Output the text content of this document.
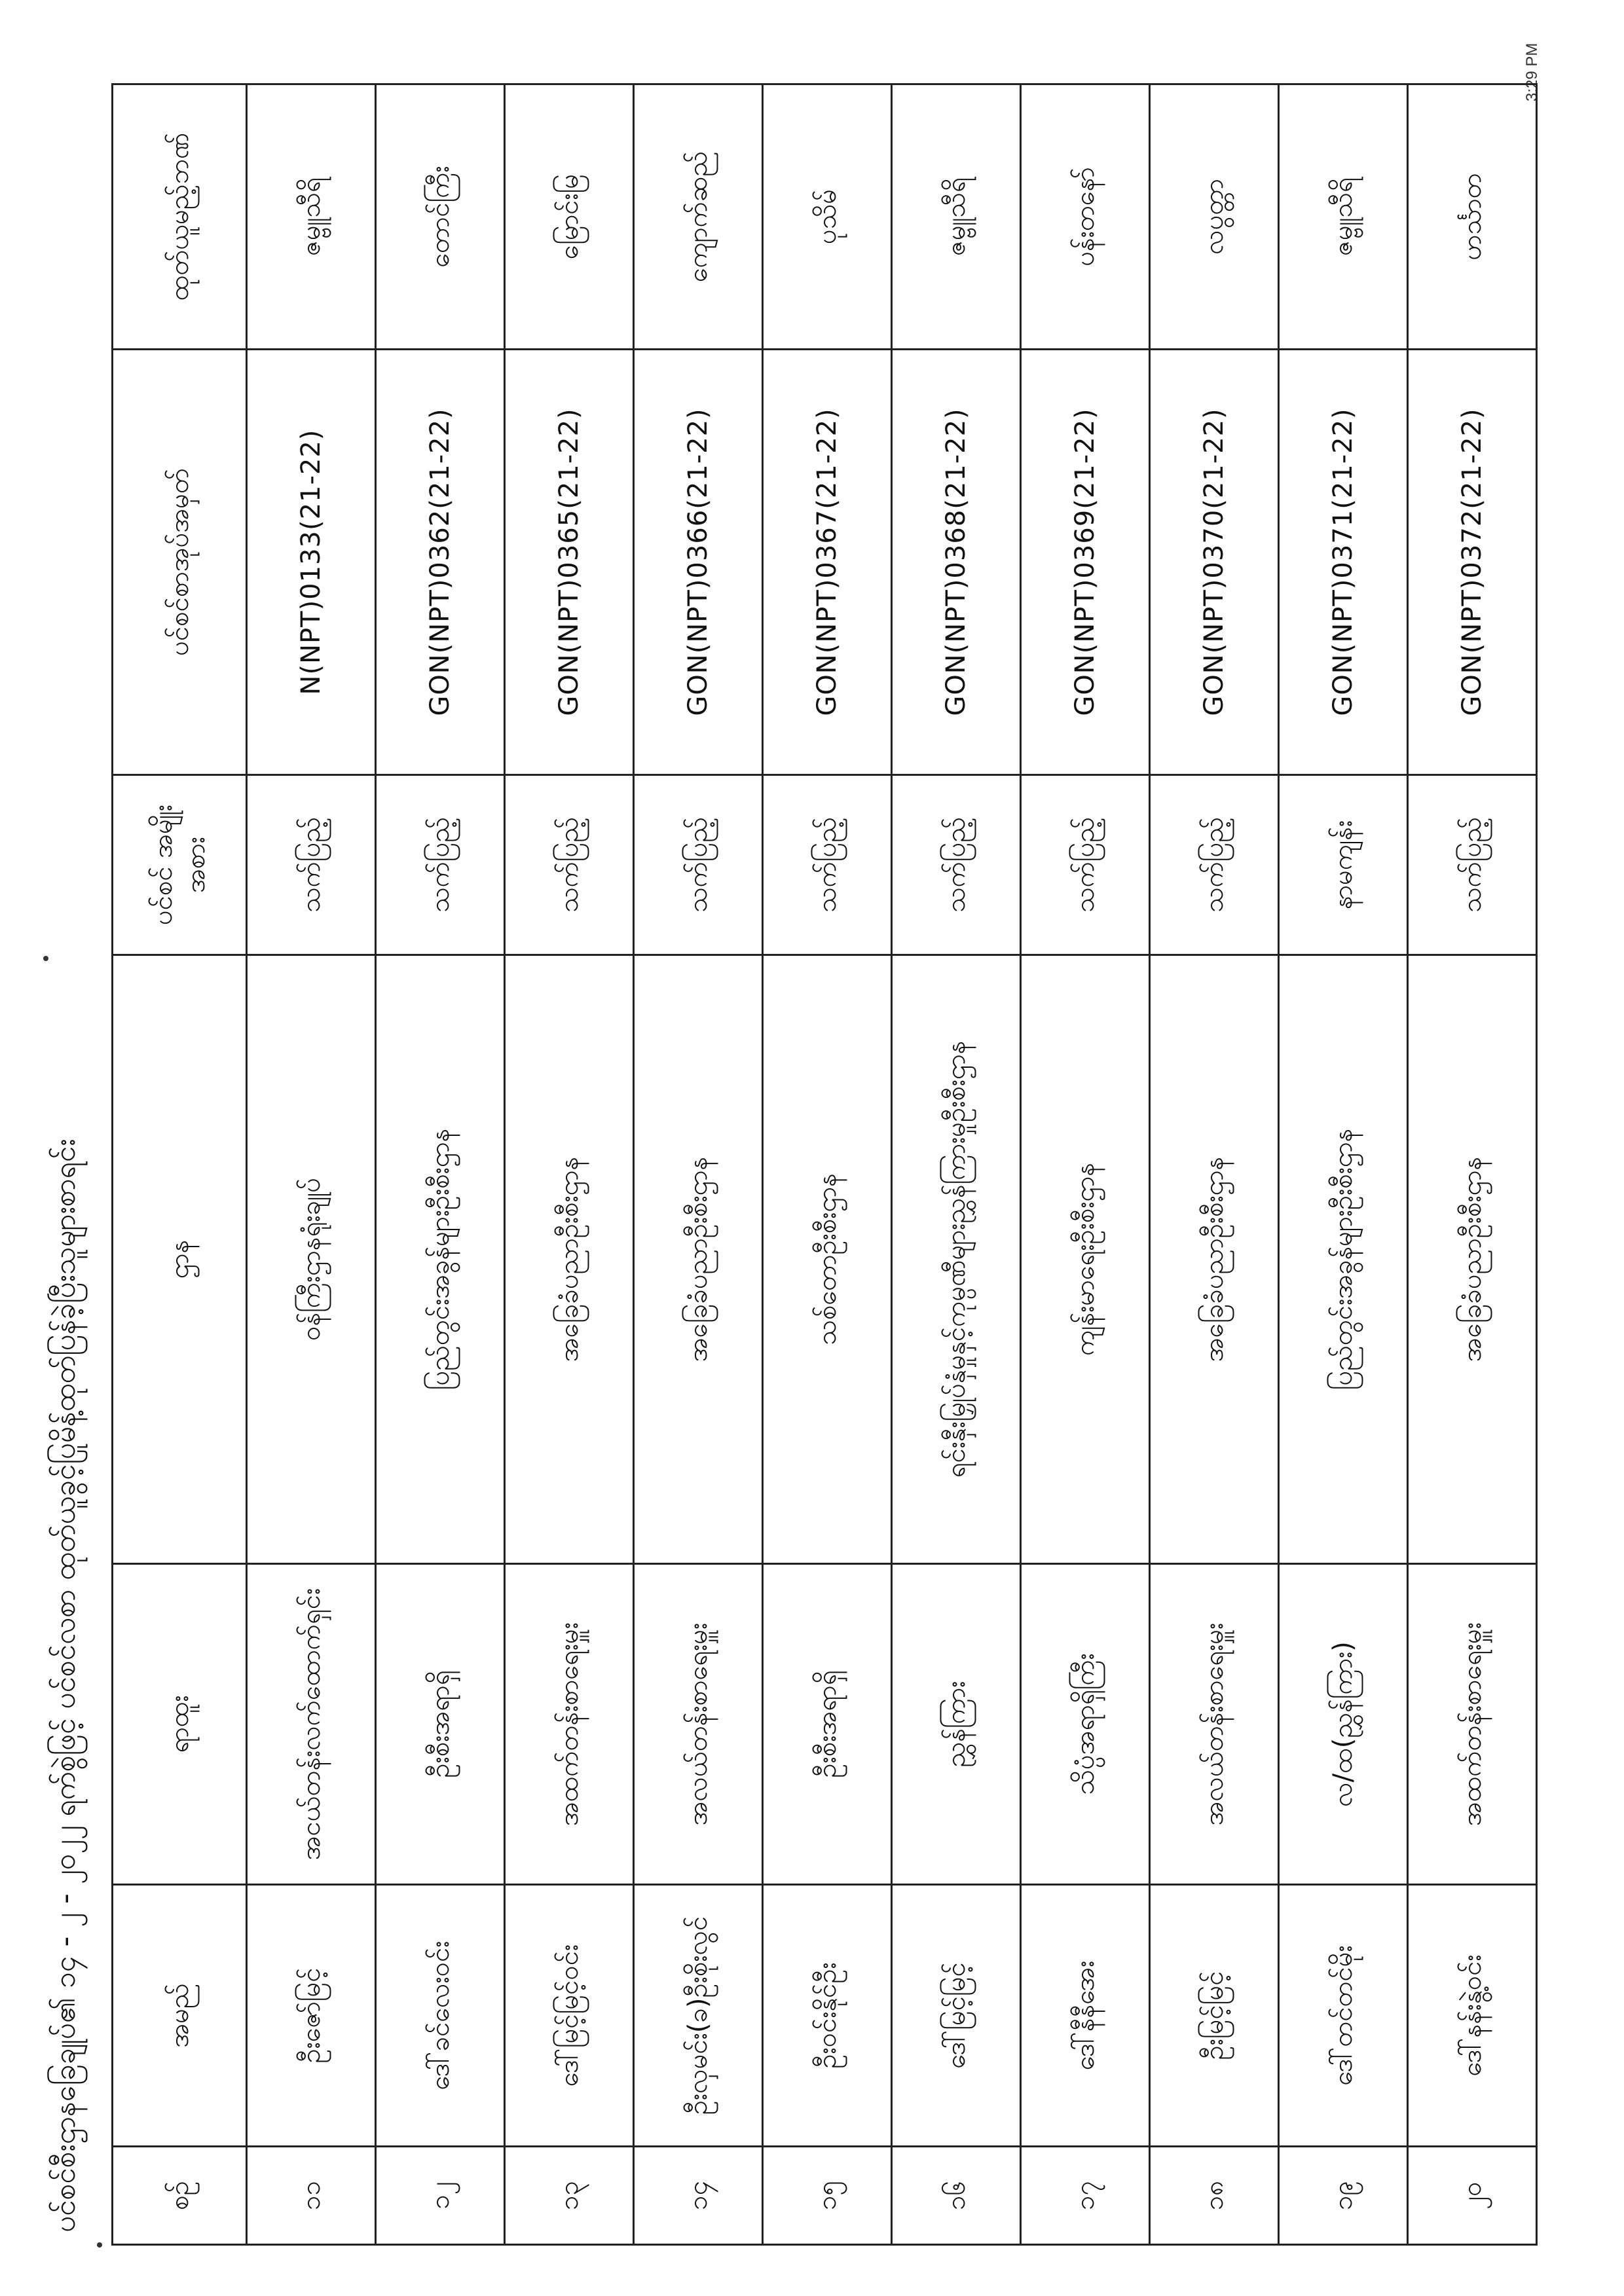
3:29 PM
ပင်စင်စီးဌာနခြေချုပ်၏ ၁၄ - ၂ - ၂၀၂၂ ရက်စွဲဖြင့် ပင်စင်လစာ ထုတ်ယူခွင့်ပြုမိန့်ထုတ်ပြန်ခဲ့ပြီးသူများစာရင်း	စဉ်	အမည်	ရာထူး	ဌာန	ပင်စင် အမျိုးအစား	ပင်စင်စာအုပ်အမှတ်	ထုတ်ယူမည့်ဘဏ်
၁၁	ဦးဇော်မြင့်	အငယ်တန်းလက်ထောက်ရှင်း	ဝန်ကြီးဌာနရုံးချုပ်	သက်ပြည့်	N(NPT)0133(21-22)	ဇမ္ဗူသီရိ
၁၂	ဒေါ်ခင်လေးဝင်း	ဦးစီးအရာရှိ	ပြည်တွင်းအခွန်များဦးစီးဌာန	သက်ပြည့်	GON(NPT)0362(21-22)	တောင်ကြီး
၁၃	ဒေါ်မြင့်မြင့်ဝင်း	အထက်တန်းစာရေးမှူး	အခြေခံပညာဦးစီးဌာန	သက်ပြည့်	GON(NPT)0365(21-22)	မြောင်းမြ
၁၄	ဦးလှမင်း(ခ)ဦးစိုးလွင်	အလယ်တန်းစာရေးမှူး	အခြေခံပညာဦးစီးဌာန	သက်ပြည့်	GON(NPT)0366(21-22)	ကျောက်ဆည်
၁၅	ဦးဝင်းနိုင်ဦး	ဦးစီးအရာရှိ	သစ်တောဦးစီးဌာန	သက်ပြည့်	GON(NPT)0367(21-22)	ပုသိမ်
၁၆	ဒေါ်မြင့်မြင့်	ညွှန်ကြား	ရင်းနှီးမြှုပ်နှံမှုနှင့်ကုမ္ပဏီများညွှန်ကြားမှုဦးစီးဌာန	သက်ပြည့်	GON(NPT)0368(21-22)	ဇမ္ဗူသီရိ
၁၇	ဒေါ်နီနီအေး	သိပ္ပံအရာရှိကြီး	ကျန်းမာရေးဦးစီးဌာန	သက်ပြည့်	GON(NPT)0369(21-22)	ပန်းတနော်
၁၈	ဦးမြင့်မြင့်	အလယ်တန်းစာရေးမှူး	အခြေခံပညာဦးစီးဌာန	သက်ပြည့်	GON(NPT)0370(21-22)	လပွတ္တာ
၁၉	ဒေါ်တင်တင်မိုး	လ/ထ(ညွှန်ကြား)	ပြည်တွင်းအခွန်များဦးစီးဌာန	နာမကျန်း	GON(NPT)0371(21-22)	ဇမ္ဗူသီရိ
၂၀	ဒေါ်နန်းနွဲ့ဝင်း	အထက်တန်းစာရေးမှူး	အခြေခံပညာဦးစီးဌာန	သက်ပြည့်	GON(NPT)0372(21-22)	ဟင်္သာတ
